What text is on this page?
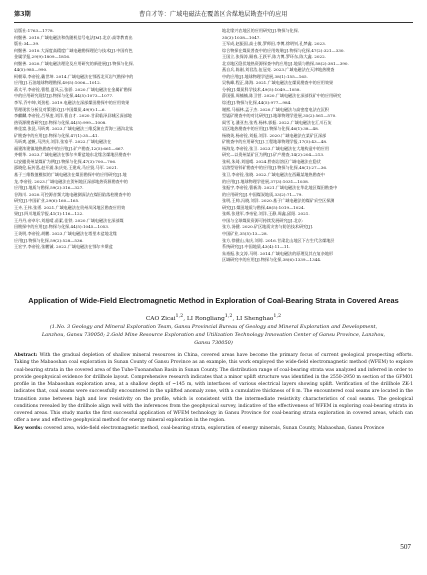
第3期	曹自才等：广域电磁法在覆盖区含煤地层勘查中的应用

岩版社:1763—1778.

何继善. 2010.广域电磁法和伪随机信号电法[M].北京:高等教育出

版社:34—39.

何继善. 2010.大深度高精度广域电磁勘探理论与技术[J].中国有色

金属学报,29(9):1809—1816.

何继善. 2020.广域电磁法理论及应用研究的新进展[J].物探与化探,

44(5):985—990.

柯朝章,李帝铨,戴世坤. 2014.广域电磁法在鄂西北页岩气勘探中的

应用[J].石油地球物理勘探,49(5):1006—1012.

蒋太平,李帝铨,曹程,夏凤云,张骄. 2020.广域电磁法在金属矿勘探

中的应用研究现状[J].物探与化探,44(5):1073—1077.

李军,乔中坤,刘劲松. 2019.电磁法在深部煤田勘探中的应用效果

管理现状分析及对策建议[J].中国煤炭,49(9):1—6.

李麒麟,李帝铨,吕琴凌,刘洋,曹自才. 2020.甘肃临泽县城区深部地

热资源勘查研究[J].物探与化探,44(5):999—1008.

林佳富,张昆,马昕爽. 2023.广域电磁法三维反演在青海三通沟北钛

矿勘查中的应用[J].物探与化探,47(1):35—41.

马昕爽,凌帆,马洪庆,刘洋,张家平. 2022.广域电磁法在

福建浓建镇地热勘查中的应用[J].矿产勘查,12(5):661—667.

齐朝华. 2023.广域电磁法在鄂尔多斯盆地东北缘含煤地层勘查中

以安徽贵州某煤矿为例[J].物探与化探,47(3):700—706.

邵晓伦,阮传泓,赵开浦,朱庆亮,王建成,马应贤,马军. 2021.

基于三维数值模拟的广域电磁法在煤田勘探中的应用研究[J].地

龙,李帝铨. 2023.广域电磁法在贺州地区深部地热资源勘查中的

应用[J].地质与勘探,59(2):316—327.

谷海川. 2020.可控源音频大地电磁测深法在煤田陷落柱勘查中的

研究[J].中国矿业,29(6):160—165.

王卉,王伟,张勇. 2021.广域电磁法在贵州凤冈地区勘查应用效

果[J].四川地质学报,41(1):116—122.

王丹丹,帝卓尔,刘旭晴,苗素,佳铁. 2020.广域电磁法在深部煤

田勘探中的应用[J].物探与化探,44(5):1045—1053.

王英明,李帝铨,胡鹏. 2023.广域电磁法在塔里木盆地北缘

应用[J].物探与化探,59(2):528—536.

王宏宇,李帝铨,张鹏铖. 2022.广域电磁法在鄂尔多斯盆

地北缘兴农地区的应用研究[J].物探与化探,

35(3):1038—1047.

王军成,赵振国,高士敏,罗师田,李博,徐明钊,孔梦鑫. 2023.

综合物探在煤炭普查中的应用效果[J].物探与化探,47(2):321—330.

王国立,张保涛,顾春,王跃平,陈力博,罗环东,陈大鑫. 2022.

北京地区隐伏地热资源探查中的应用[J].地质与勘探,58(2):381—390.

燕自兵,陈刚,刘君浩,伍冠亮. 2023.广域电磁法在天津地热勘查

中的应用[J].地球物理学进展,38(1):155—165.

吴秋峰,程正,陈海. 2021.广域电磁法在煤炭勘查中的应用效果

分析[J].煤炭科学技术,49(5):1049—1058.

薛国强,周楠楠,陈卫营. 2020.广域电磁法在深部找矿中的应用研究

综述[J].物探与化探,44(5):977—984.

谢熙,马福林,孟子杰. 2020.广域电磁法与高密度电法在沉积

型锰矿勘查中的对比研究[J].地球物理学进展,35(2):561—570.

阎雪飞,潘亚杰,张秀,杨林,郭振. 2022.广域电磁法在汇川石灰

岩区地热勘查中的应用[J].物探与化探,46(1):38—48.

杨晓英,杨帝铨,刘振,刘洋. 2020.广域电磁法在某矿区深部

矿勘查中的应用研究[J].工程地球物理学报,17(5):43—48.

杨海龙,李帝铨,张卫. 2023.广域电磁法在大地构造中的应用

研究—以贵州某矿区为例[J].矿产勘查,14(2):204—213.

张柯,朱琦,刘旭晴. 2024.黔南岩溶区广域电磁法在隐伏

岩溶型铅锌矿勘查中的应用[J].物探与化探,48(1):27—36.

张卫,李帝铨,张晓. 2022.广域电磁法在西藏某地热勘查中

的应用[J].地球物理学进展,37(3):1031—1038.

张振宇,李帝铨,曹新涛. 2021.广域电磁法在华北地区煤田勘查中

的应用研究[J].中国煤炭地质,33(2):71—79.

张明,王帅,冯晓,刘洋. 2020.基于广域电磁法的煤矿采空区探测

研究[J].煤田地质与勘探,48(5):1019—1024.

张辉,张建军,李帝铨,刘洋,王静,周鑫,邱阳. 2021.

中国与全球煤炭资源可持续发展研究[J].北京:

张方,汤健. 2020.矿区地质灾害与防治技术研究[J].

中国矿业,35(5):13—28.

张方,徐健山,朱庆,刘琼. 2016.甘肃北山地区下古生代含煤地层

系统研究[J].中国地质,43(4):11—11.

朱裕振,张文涛,马明. 2014.广域电磁法的原理及其在复杂地形

区域研究中的应用[J].物探与化探,38(6):1339—1344.

Application of Wide-Field Electromagnetic Method in Exploration of Coal-Bearing Strata in Covered Areas
CAO Zicai$^{1,2}$, LI Rongliang$^{1,2}$, LI Shenghao$^{1,2}$
(1.No. 3 Geology and Mineral Exploration Team, Gansu Provincial Bureau of Geology and Mineral Exploration and Development, Lanzhou, Gansu 730050; 2.Gold Mine Resource Exploration and Utilization Technology Innovation Center of Gansu Province, Lanzhou, Gansu 730050)
Abstract: With the gradual depletion of shallow mineral resources in China, covered areas have become the primary focus of current geological prospecting efforts. Taking the Mabaoshan coal exploration in Sunan County of Gansu Province as an example, this work employed the wide-field electromagnetic method (WFEM) to explore coal-bearing strata in the covered area of the Tuhe-Tuonanshan Basin in Sunan County. The distribution range of coal-bearing strata was analyzed and inferred in order to provide geophysical evidence for drillhole layout. Comprehensive research indicates that a minor uplift structure was identified in the 2550-2950 m section of the GFM01 profile in the Mabaoshan exploration area, at a shallow depth of ~145 m, with interfaces of various electrical layers showing uplift. Verification of the drillhole ZK-1 indicates that, coal seams were successfully encountered in the uplifted anomaly zone, with a cumulative thickness of 8 m. The encountered coal seams are located in the transition zone between high and low resistivity on the profile, which is consistent with the intermediate resistivity characteristics of coal seams. The geological conditions revealed by the drillhole align well with the inferences from the geophysical survey, indicative of the effectiveness of WFEM in exploring coal-bearing strata in covered areas. This study marks the first successful application of WFEM technology in Gansu Province for coal-bearing strata exploration in covered areas, which can offer a new and effective geophysical method for energy mineral exploration in the region.
Key words: covered area, wide-field electromagnetic method, coal-bearing strata, exploration of energy minerals, Sunan County, Mabaoshan, Gansu Province
507
